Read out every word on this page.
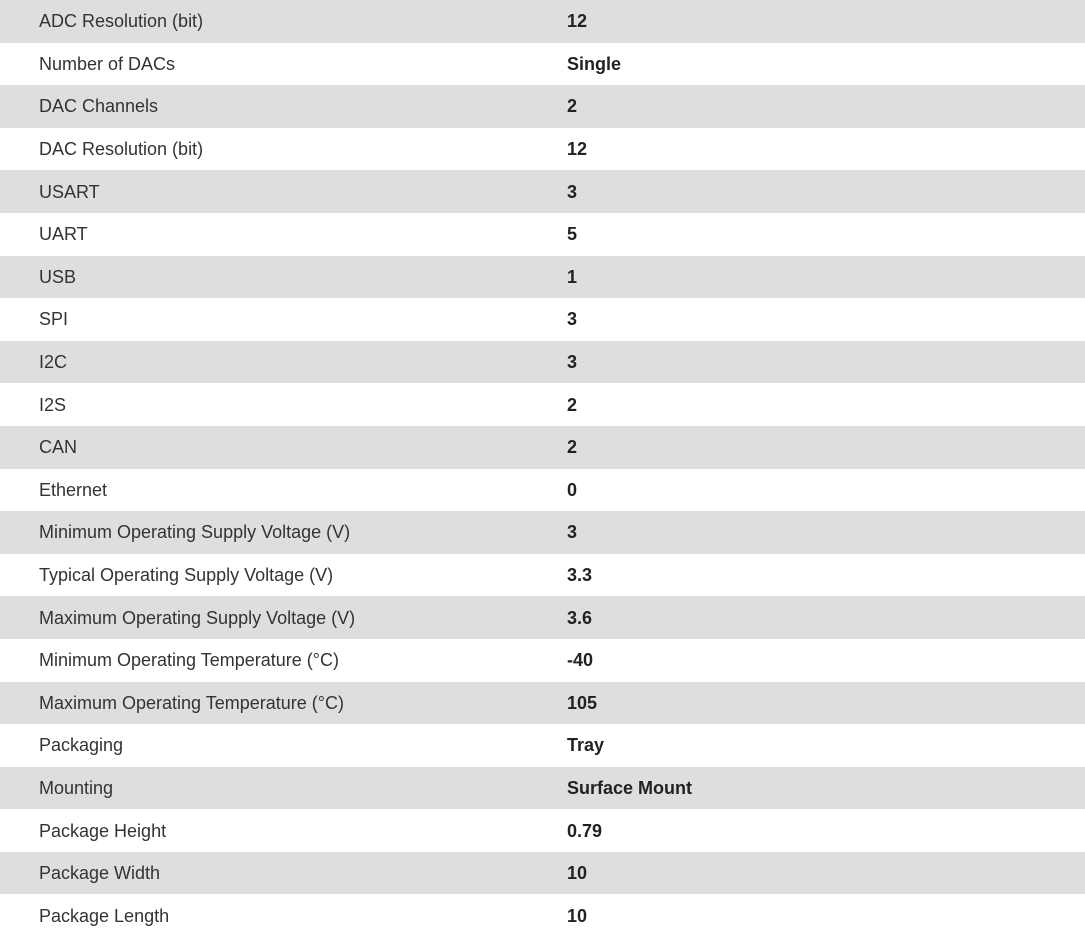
ADC Resolution (bit)	12
Number of DACs	Single
DAC Channels	2
DAC Resolution (bit)	12
USART	3
UART	5
USB	1
SPI	3
I2C	3
I2S	2
CAN	2
Ethernet	0
Minimum Operating Supply Voltage (V)	3
Typical Operating Supply Voltage (V)	3.3
Maximum Operating Supply Voltage (V)	3.6
Minimum Operating Temperature (°C)	-40
Maximum Operating Temperature (°C)	105
Packaging	Tray
Mounting	Surface Mount
Package Height	0.79
Package Width	10
Package Length	10
